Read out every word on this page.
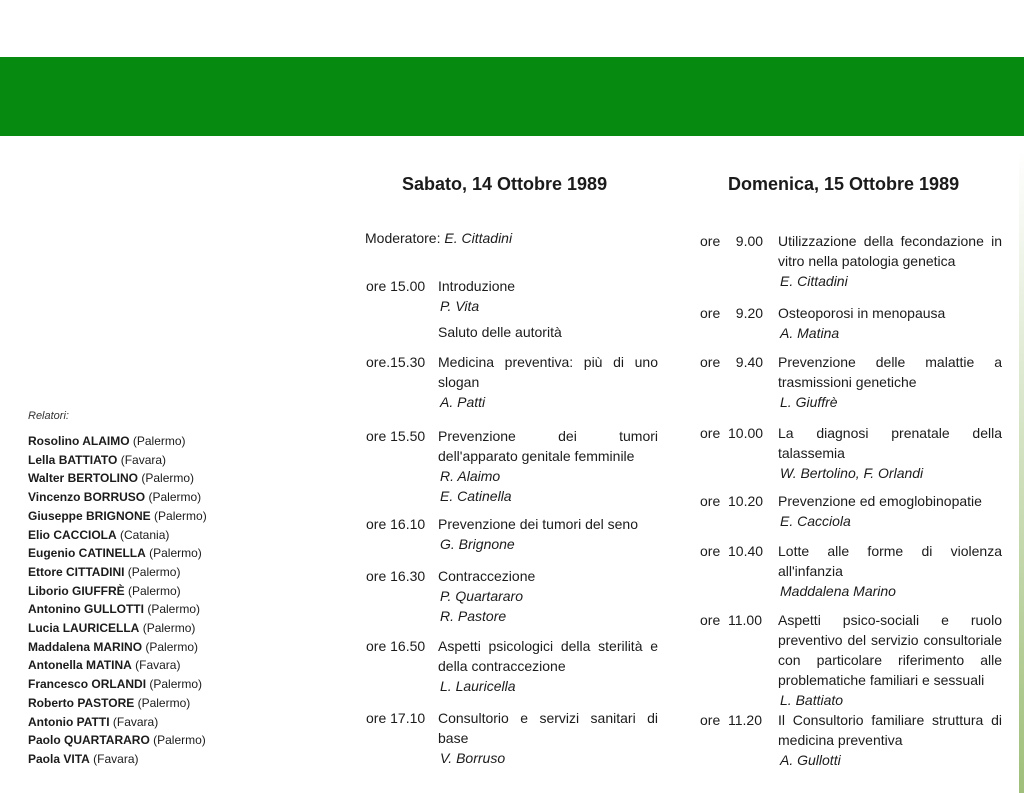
Sabato, 14 Ottobre 1989	Domenica, 15 Ottobre 1989
Moderatore: E. Cittadini
ore 15.00 Introduzione
P. Vita
Saluto delle autorità
ore.15.30 Medicina preventiva: più di uno slogan
A. Patti
ore 15.50 Prevenzione dei tumori dell'apparato genitale femminile
R. Alaimo
E. Catinella
ore 16.10 Prevenzione dei tumori del seno
G. Brignone
ore 16.30 Contraccezione
P. Quartararo
R. Pastore
ore 16.50 Aspetti psicologici della sterilità e della contraccezione
L. Lauricella
ore 17.10 Consultorio e servizi sanitari di base
V. Borruso
ore    9.00 Utilizzazione della fecondazione in vitro nella patologia genetica
E. Cittadini
ore    9.20 Osteoporosi in menopausa
A. Matina
ore    9.40 Prevenzione delle malattie a trasmissioni genetiche
L. Giuffrè
ore  10.00 La diagnosi prenatale della talassemia
W. Bertolino, F. Orlandi
ore  10.20 Prevenzione ed emoglobinopatie
E. Cacciola
ore  10.40 Lotte alle forme di violenza all'infanzia
Maddalena Marino
ore  11.00 Aspetti psico-sociali e ruolo preventivo del servizio consultoriale con particolare riferimento alle problematiche familiari e sessuali
L. Battiato
ore  11.20 Il Consultorio familiare struttura di medicina preventiva
A. Gullotti
Relatori:
Rosolino ALAIMO (Palermo)
Lella BATTIATO (Favara)
Walter BERTOLINO (Palermo)
Vincenzo BORRUSO (Palermo)
Giuseppe BRIGNONE (Palermo)
Elio CACCIOLA (Catania)
Eugenio CATINELLA (Palermo)
Ettore CITTADINI (Palermo)
Liborio GIUFFRÈ (Palermo)
Antonino GULLOTTI (Palermo)
Lucia LAURICELLA (Palermo)
Maddalena MARINO (Palermo)
Antonella MATINA (Favara)
Francesco ORLANDI (Palermo)
Roberto PASTORE (Palermo)
Antonio PATTI (Favara)
Paolo QUARTARARO (Palermo)
Paola VITA (Favara)
